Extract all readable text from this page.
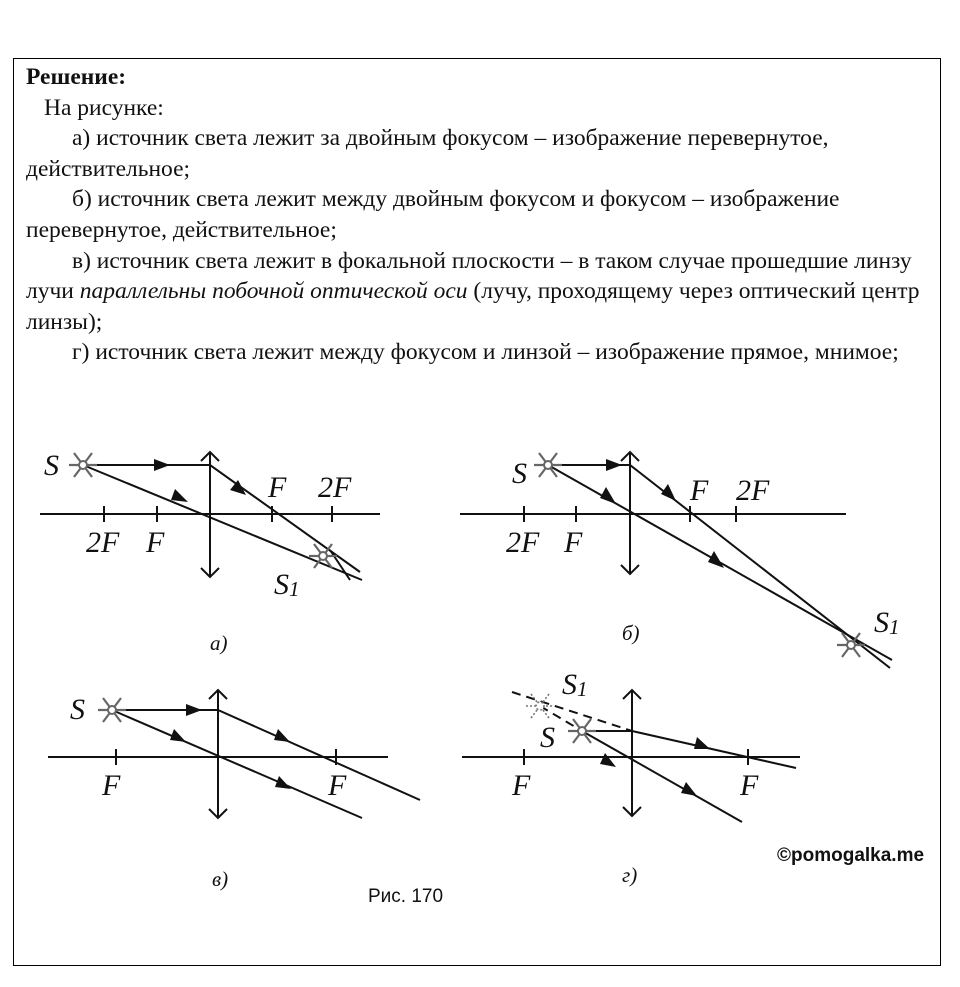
Решение:

На рисунке:

а) источник света лежит за двойным фокусом – изображение перевернутое, действительное;

б) источник света лежит между двойным фокусом и фокусом – изображение перевернутое, действительное;

в) источник света лежит в фокальной плоскости – в таком случае прошедшие линзу лучи параллельны побочной оптической оси (лучу, проходящему через оптический центр линзы);

г) источник света лежит между фокусом и линзой – изображение прямое, мнимое;

S
2F F
F 2F
S1
а)
S
2F F
F 2F
S1
б)
S
F	F
в)
S
S1
F	F
г)
©pomogalka.me
Рис. 170
